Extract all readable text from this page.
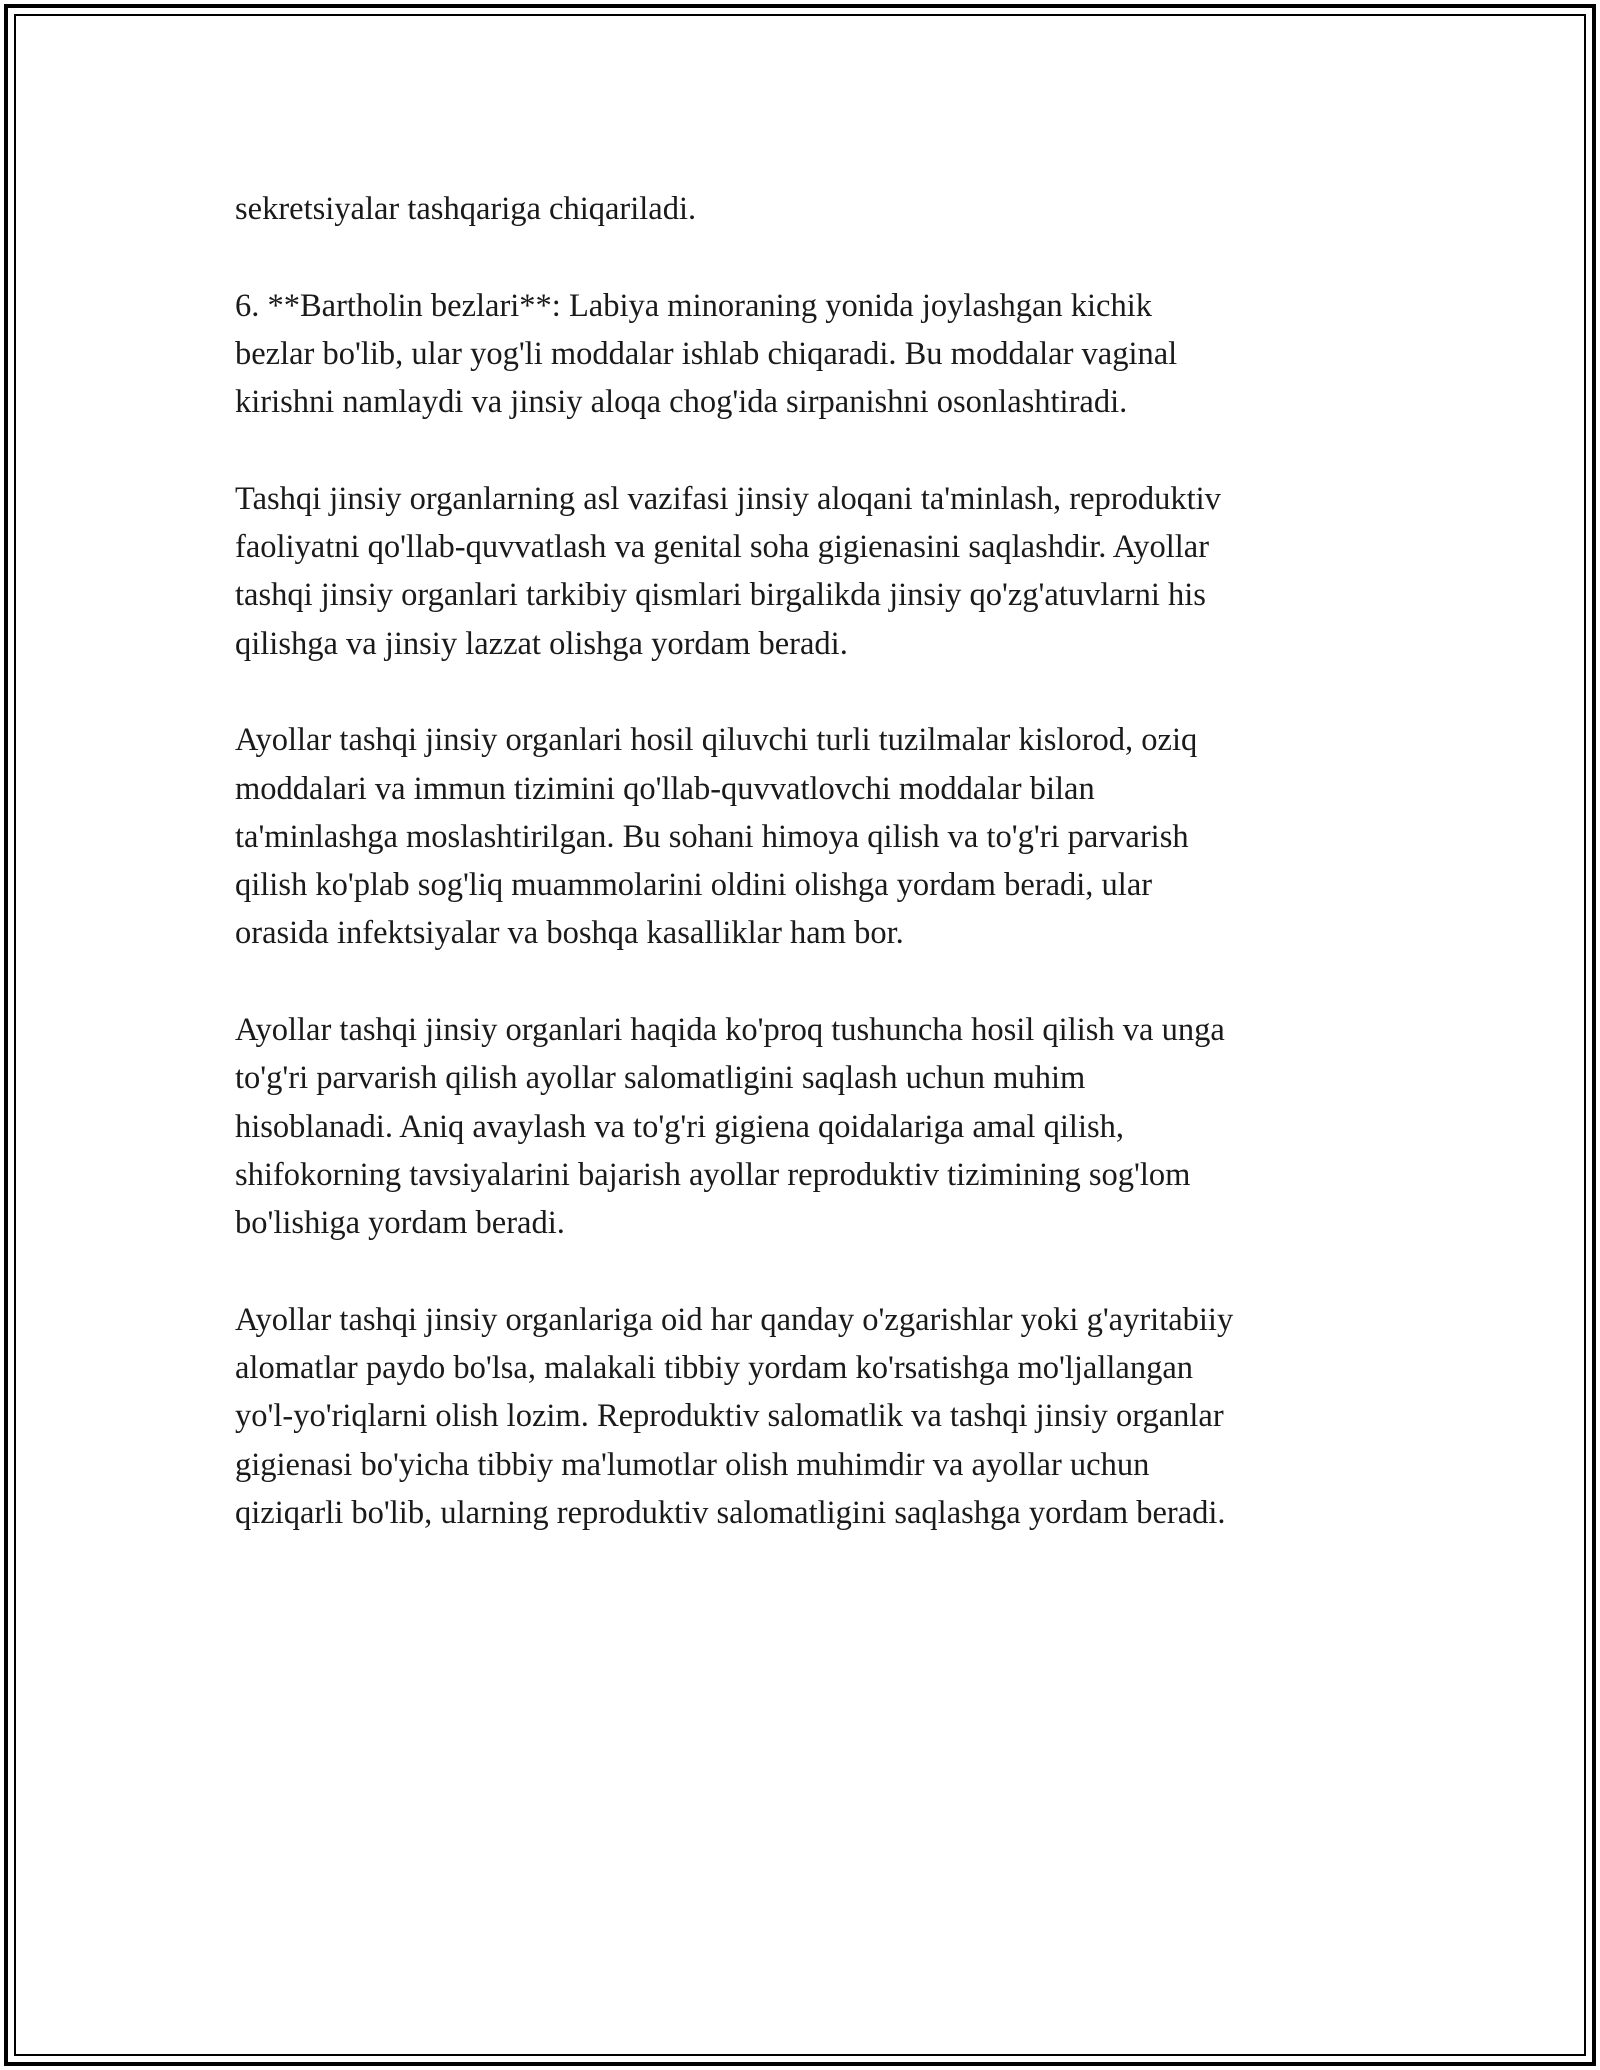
sekretsiyalar tashqariga chiqariladi.

6. **Bartholin bezlari**: Labiya minoraning yonida joylashgan kichik
bezlar bo'lib, ular yog'li moddalar ishlab chiqaradi. Bu moddalar vaginal
kirishni namlaydi va jinsiy aloqa chog'ida sirpanishni osonlashtiradi.

Tashqi jinsiy organlarning asl vazifasi jinsiy aloqani ta'minlash, reproduktiv
faoliyatni qo'llab-quvvatlash va genital soha gigienasini saqlashdir. Ayollar
tashqi jinsiy organlari tarkibiy qismlari birgalikda jinsiy qo'zg'atuvlarni his
qilishga va jinsiy lazzat olishga yordam beradi.

Ayollar tashqi jinsiy organlari hosil qiluvchi turli tuzilmalar kislorod, oziq
moddalari va immun tizimini qo'llab-quvvatlovchi moddalar bilan
ta'minlashga moslashtirilgan. Bu sohani himoya qilish va to'g'ri parvarish
qilish ko'plab sog'liq muammolarini oldini olishga yordam beradi, ular
orasida infektsiyalar va boshqa kasalliklar ham bor.

Ayollar tashqi jinsiy organlari haqida ko'proq tushuncha hosil qilish va unga
to'g'ri parvarish qilish ayollar salomatligini saqlash uchun muhim
hisoblanadi. Aniq avaylash va to'g'ri gigiena qoidalariga amal qilish,
shifokorning tavsiyalarini bajarish ayollar reproduktiv tizimining sog'lom
bo'lishiga yordam beradi.

Ayollar tashqi jinsiy organlariga oid har qanday o'zgarishlar yoki g'ayritabiiy
alomatlar paydo bo'lsa, malakali tibbiy yordam ko'rsatishga mo'ljallangan
yo'l-yo'riqlarni olish lozim. Reproduktiv salomatlik va tashqi jinsiy organlar
gigienasi bo'yicha tibbiy ma'lumotlar olish muhimdir va ayollar uchun
qiziqarli bo'lib, ularning reproduktiv salomatligini saqlashga yordam beradi.
